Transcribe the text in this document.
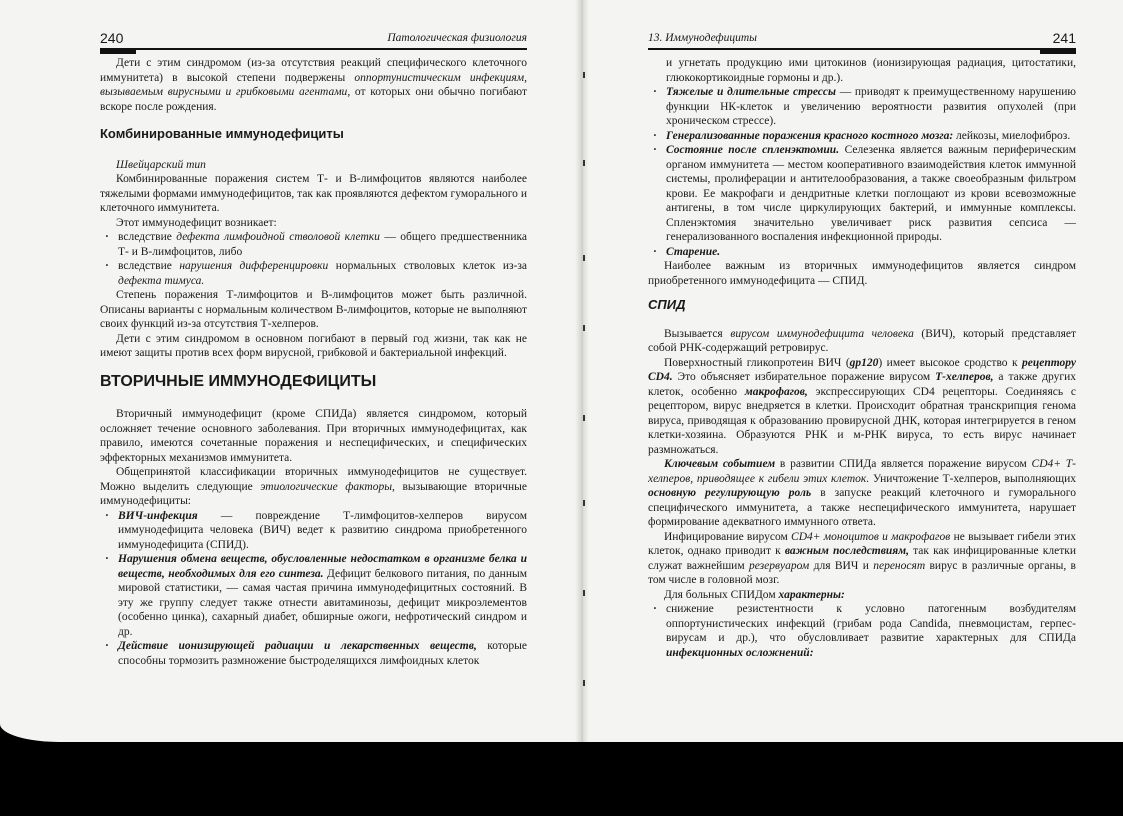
240	Патологическая физиология

Дети с этим синдромом (из-за отсутствия реакций специфического клеточного иммунитета) в высокой степени подвержены оппортунистическим инфекциям, вызываемым вирусными и грибковыми агентами, от которых они обычно погибают вскоре после рождения.

Комбинированные иммунодефициты

Швейцарский тип

Комбинированные поражения систем Т- и В-лимфоцитов являются наиболее тяжелыми формами иммунодефицитов, так как проявляются дефектом гуморального и клеточного иммунитета.

Этот иммунодефицит возникает:

· вследствие дефекта лимфоидной стволовой клетки — общего предшественника Т- и В-лимфоцитов, либо
· вследствие нарушения дифференцировки нормальных стволовых клеток из-за дефекта тимуса.

Степень поражения Т-лимфоцитов и В-лимфоцитов может быть различной. Описаны варианты с нормальным количеством В-лимфоцитов, которые не выполняют своих функций из-за отсутствия Т-хелперов.

Дети с этим синдромом в основном погибают в первый год жизни, так как не имеют защиты против всех форм вирусной, грибковой и бактериальной инфекций.

ВТОРИЧНЫЕ ИММУНОДЕФИЦИТЫ

Вторичный иммунодефицит (кроме СПИДа) является синдромом, который осложняет течение основного заболевания. При вторичных иммунодефицитах, как правило, имеются сочетанные поражения и неспецифических, и специфических эффекторных механизмов иммунитета.

Общепринятой классификации вторичных иммунодефицитов не существует. Можно выделить следующие этиологические факторы, вызывающие вторичные иммунодефициты:

· ВИЧ-инфекция — повреждение Т-лимфоцитов-хелперов вирусом иммунодефицита человека (ВИЧ) ведет к развитию синдрома приобретенного иммунодефицита (СПИД).
· Нарушения обмена веществ, обусловленные недостатком в организме белка и веществ, необходимых для его синтеза. Дефицит белкового питания, по данным мировой статистики, — самая частая причина иммунодефицитных состояний. В эту же группу следует также отнести авитаминозы, дефицит микроэлементов (особенно цинка), сахарный диабет, обширные ожоги, нефротический синдром и др.
· Действие ионизирующей радиации и лекарственных веществ, которые способны тормозить размножение быстроделящихся лимфоидных клеток
13. Иммунодефициты	241

и угнетать продукцию ими цитокинов (ионизирующая радиация, цитостатики, глюкокортикоидные гормоны и др.).

· Тяжелые и длительные стрессы — приводят к преимущественному нарушению функции НК-клеток и увеличению вероятности развития опухолей (при хроническом стрессе).
· Генерализованные поражения красного костного мозга: лейкозы, миелофиброз.
· Состояние после спленэктомии. Селезенка является важным периферическим органом иммунитета — местом кооперативного взаимодействия клеток иммунной системы, пролиферации и антителообразования, а также своеобразным фильтром крови. Ее макрофаги и дендритные клетки поглощают из крови всевозможные антигены, в том числе циркулирующих бактерий, и иммунные комплексы. Спленэктомия значительно увеличивает риск развития сепсиса — генерализованного воспаления инфекционной природы.
· Старение.

Наиболее важным из вторичных иммунодефицитов является синдром приобретенного иммунодефицита — СПИД.

СПИД

Вызывается вирусом иммунодефицита человека (ВИЧ), который представляет собой РНК-содержащий ретровирус.

Поверхностный гликопротеин ВИЧ (gp120) имеет высокое сродство к рецептору CD4. Это объясняет избирательное поражение вирусом Т-хелперов, а также других клеток, особенно макрофагов, экспрессирующих CD4 рецепторы. Соединяясь с рецептором, вирус внедряется в клетки. Происходит обратная транскрипция генома вируса, приводящая к образованию провирусной ДНК, которая интегрируется в геном клетки-хозяина. Образуются РНК и м-РНК вируса, то есть вирус начинает размножаться.

Ключевым событием в развитии СПИДа является поражение вирусом CD4+ Т-хелперов, приводящее к гибели этих клеток. Уничтожение Т-хелперов, выполняющих основную регулирующую роль в запуске реакций клеточного и гуморального специфического иммунитета, а также неспецифического иммунитета, нарушает формирование адекватного иммунного ответа.

Инфицирование вирусом CD4+ моноцитов и макрофагов не вызывает гибели этих клеток, однако приводит к важным последствиям, так как инфицированные клетки служат важнейшим резервуаром для ВИЧ и переносят вирус в различные органы, в том числе в головной мозг.

Для больных СПИДом характерны:

· снижение резистентности к условно патогенным возбудителям оппортунистических инфекций (грибам рода Candida, пневмоцистам, герпес-вирусам и др.), что обусловливает развитие характерных для СПИДа инфекционных осложнений:
